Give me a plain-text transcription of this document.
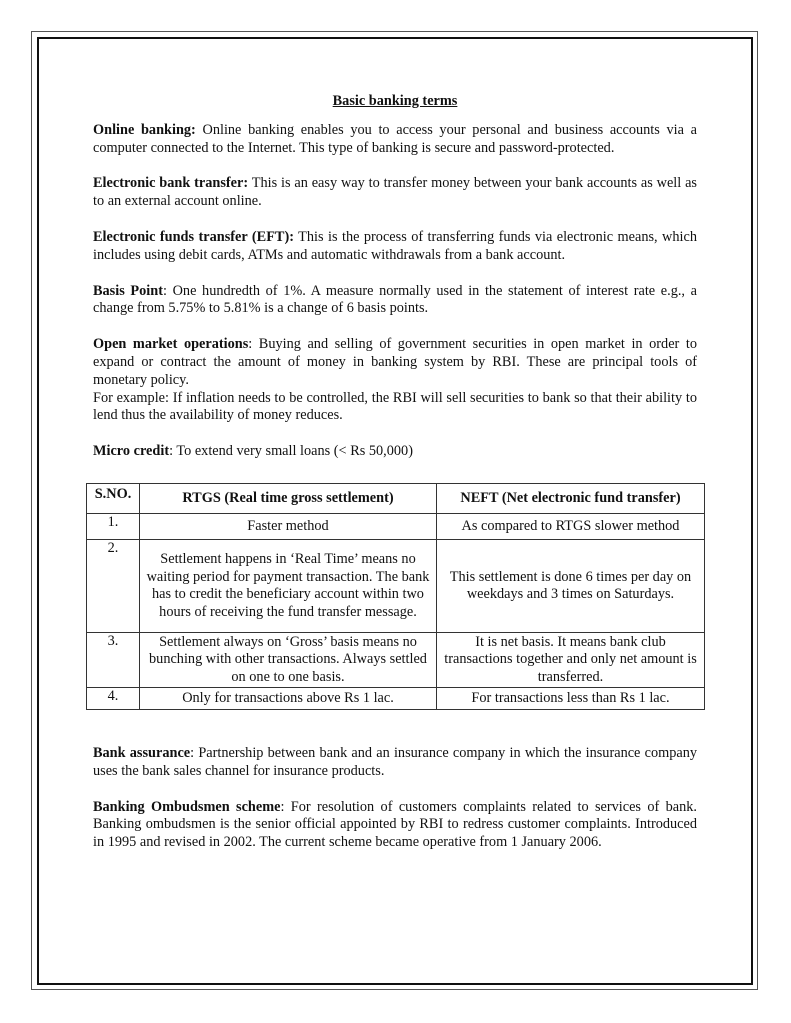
Basic banking terms

Online banking: Online banking enables you to access your personal and business accounts via a computer connected to the Internet. This type of banking is secure and password-protected.

Electronic bank transfer: This is an easy way to transfer money between your bank accounts as well as to an external account online.

Electronic funds transfer (EFT): This is the process of transferring funds via electronic means, which includes using debit cards, ATMs and automatic withdrawals from a bank account.

Basis Point: One hundredth of 1%. A measure normally used in the statement of interest rate e.g., a change from 5.75% to 5.81% is a change of 6 basis points.

Open market operations: Buying and selling of government securities in open market in order to expand or contract the amount of money in banking system by RBI. These are principal tools of monetary policy.

For example: If inflation needs to be controlled, the RBI will sell securities to bank so that their ability to lend thus the availability of money reduces.

Micro credit: To extend very small loans (< Rs 50,000)

S.NO.	RTGS (Real time gross settlement)	NEFT (Net electronic fund transfer)
1.	Faster method	As compared to RTGS slower method
2.	Settlement happens in ‘Real Time’ means no waiting period for payment transaction. The bank has to credit the beneficiary account within two hours of receiving the fund transfer message.	This settlement is done 6 times per day on weekdays and 3 times on Saturdays.
3.	Settlement always on ‘Gross’ basis means no bunching with other transactions. Always settled on one to one basis.	It is net basis. It means bank club transactions together and only net amount is transferred.
4.	Only for transactions above Rs 1 lac.	For transactions less than Rs 1 lac.

Bank assurance: Partnership between bank and an insurance company in which the insurance company uses the bank sales channel for insurance products.

Banking Ombudsmen scheme: For resolution of customers complaints related to services of bank. Banking ombudsmen is the senior official appointed by RBI to redress customer complaints. Introduced in 1995 and revised in 2002. The current scheme became operative from 1 January 2006.
